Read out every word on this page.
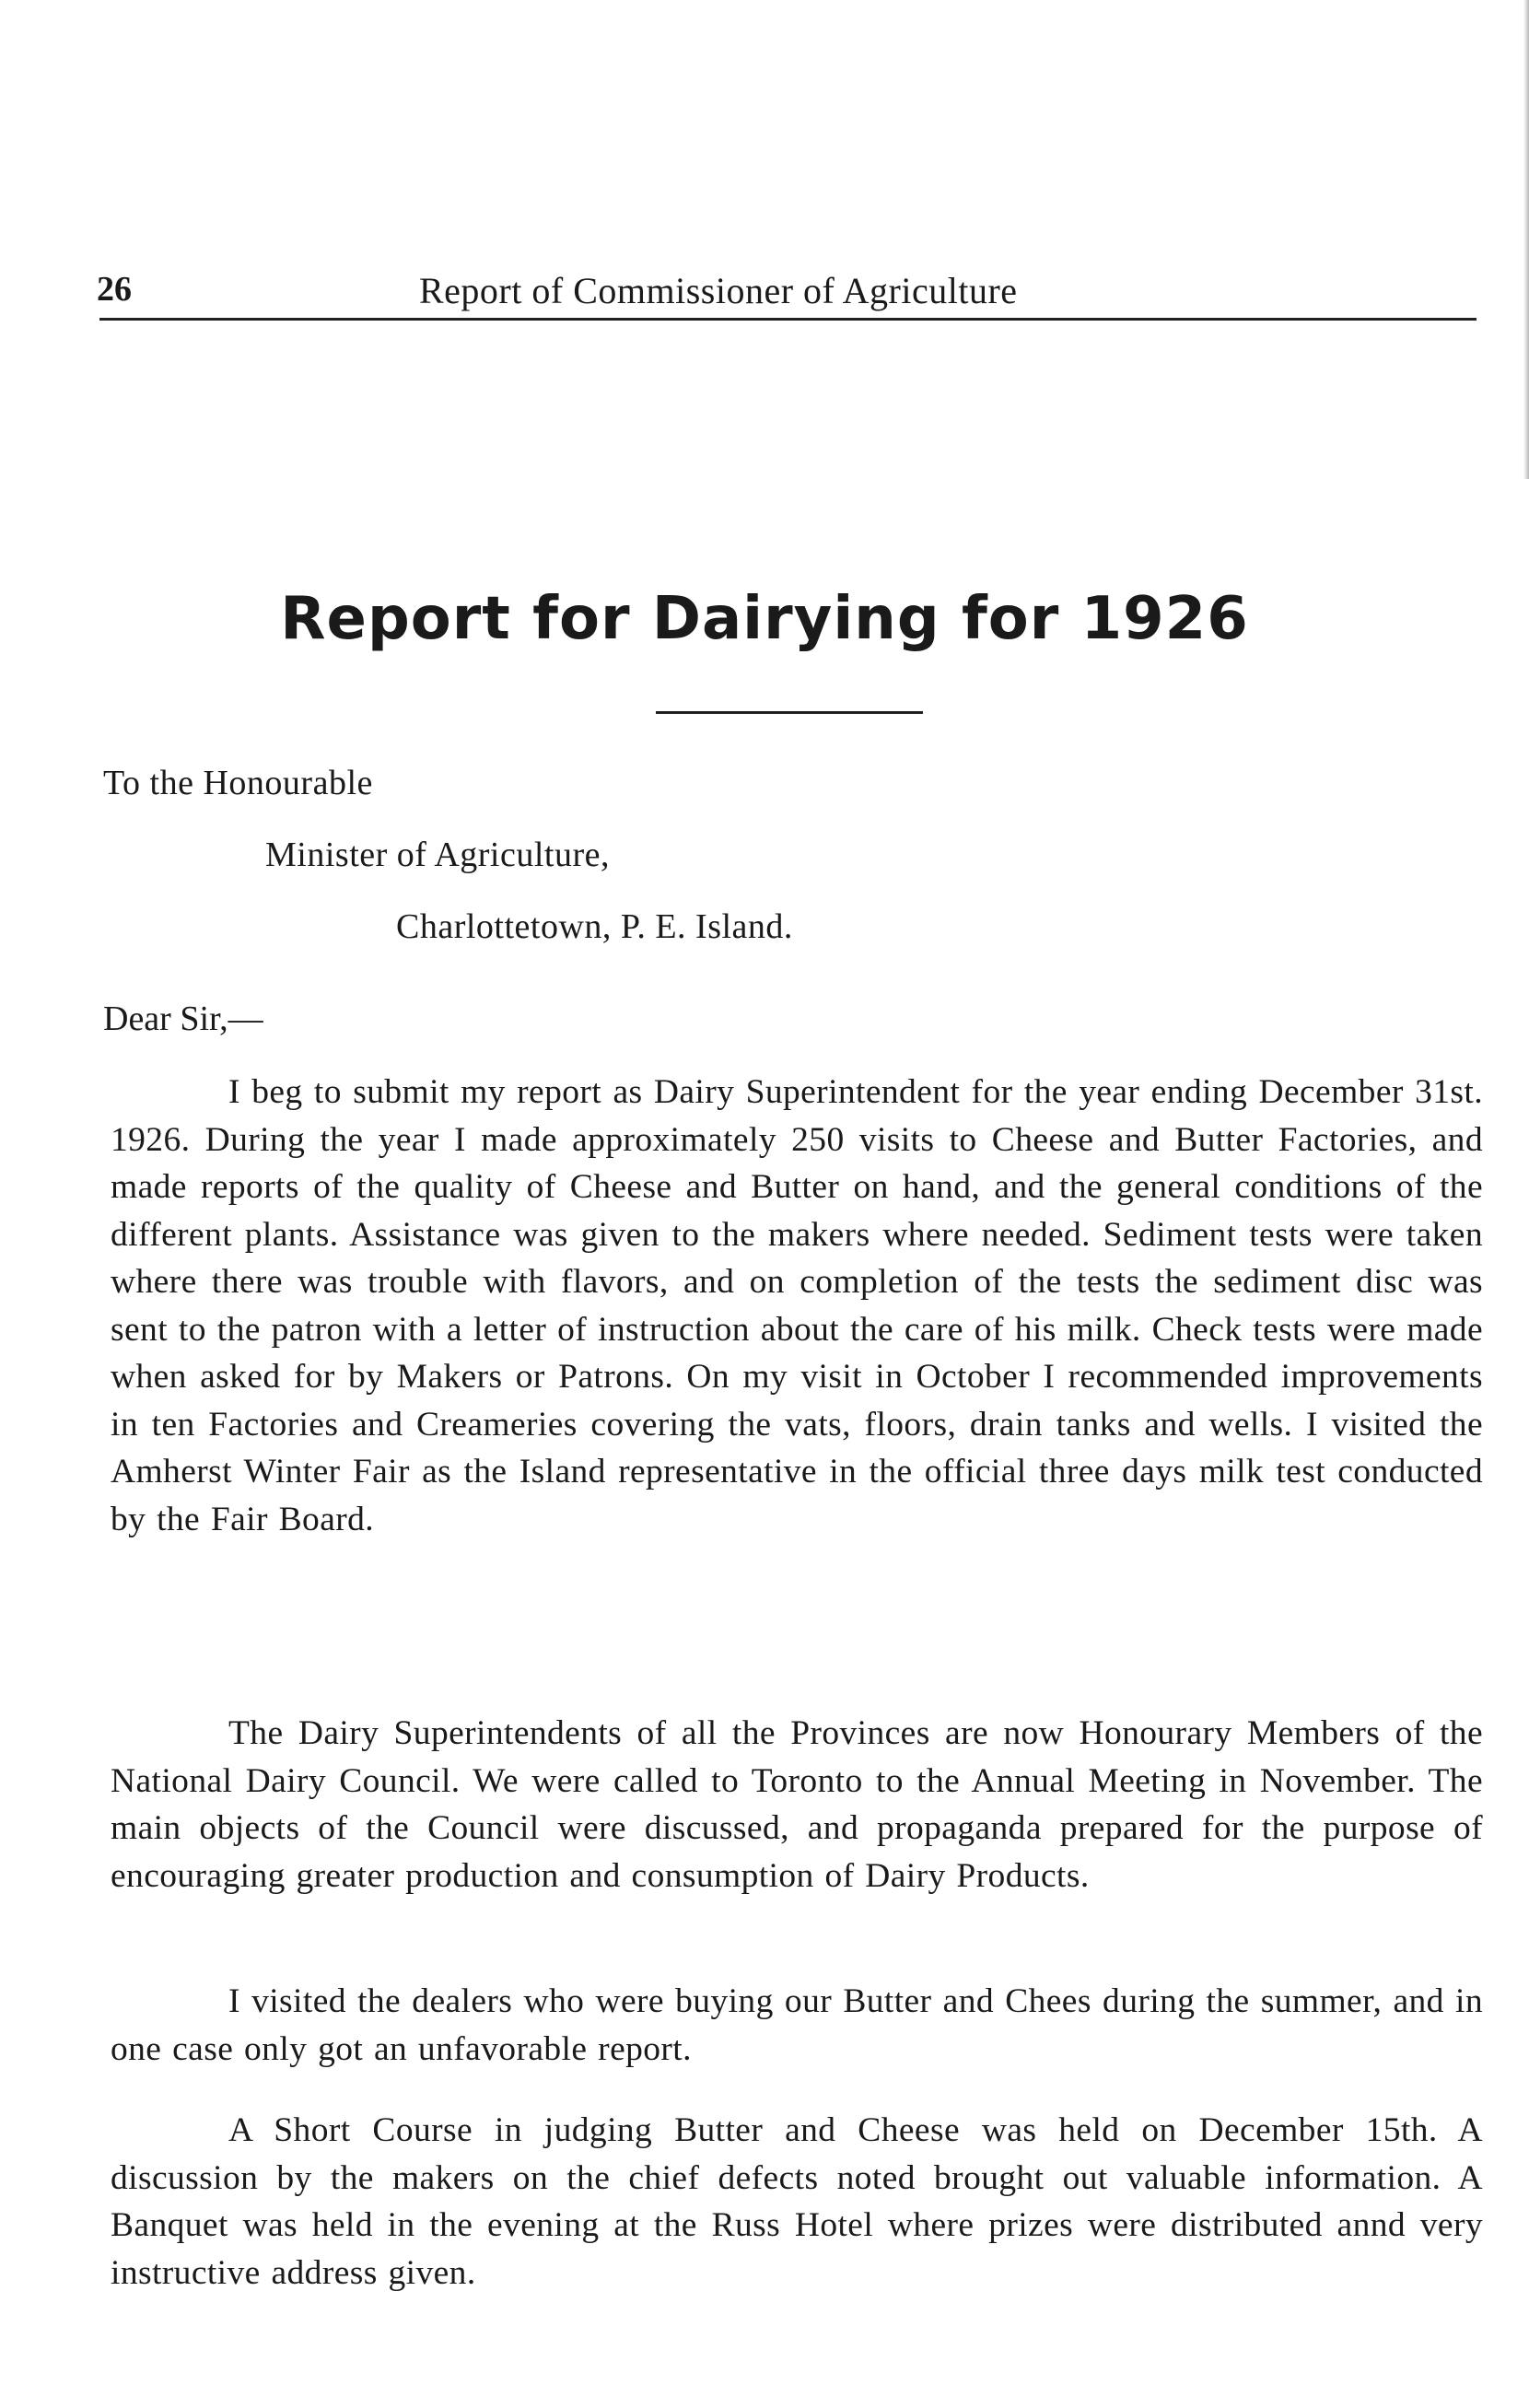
26	Report of Commissioner of Agriculture
Report for Dairying for 1926
To the Honourable
Minister of Agriculture,
Charlottetown, P. E. Island.
Dear Sir,—

I beg to submit my report as Dairy Superintendent for the year ending December 31st. 1926. During the year I made approximately 250 visits to Cheese and Butter Factories, and made reports of the quality of Cheese and Butter on hand, and the general conditions of the different plants. Assistance was given to the makers where needed. Sediment tests were taken where there was trouble with flavors, and on completion of the tests the sediment disc was sent to the patron with a letter of instruction about the care of his milk. Check tests were made when asked for by Makers or Patrons. On my visit in October I recommended improvements in ten Factories and Creameries covering the vats, floors, drain tanks and wells. I visited the Amherst Winter Fair as the Island representative in the official three days milk test conducted by the Fair Board.

The Dairy Superintendents of all the Provinces are now Honourary Members of the National Dairy Council. We were called to Toronto to the Annual Meeting in November. The main objects of the Council were discussed, and propaganda prepared for the purpose of encouraging greater production and consumption of Dairy Products.

I visited the dealers who were buying our Butter and Chees during the summer, and in one case only got an unfavorable report.

A Short Course in judging Butter and Cheese was held on December 15th. A discussion by the makers on the chief defects noted brought out valuable information. A Banquet was held in the evening at the Russ Hotel where prizes were distributed annd very instructive address given.
